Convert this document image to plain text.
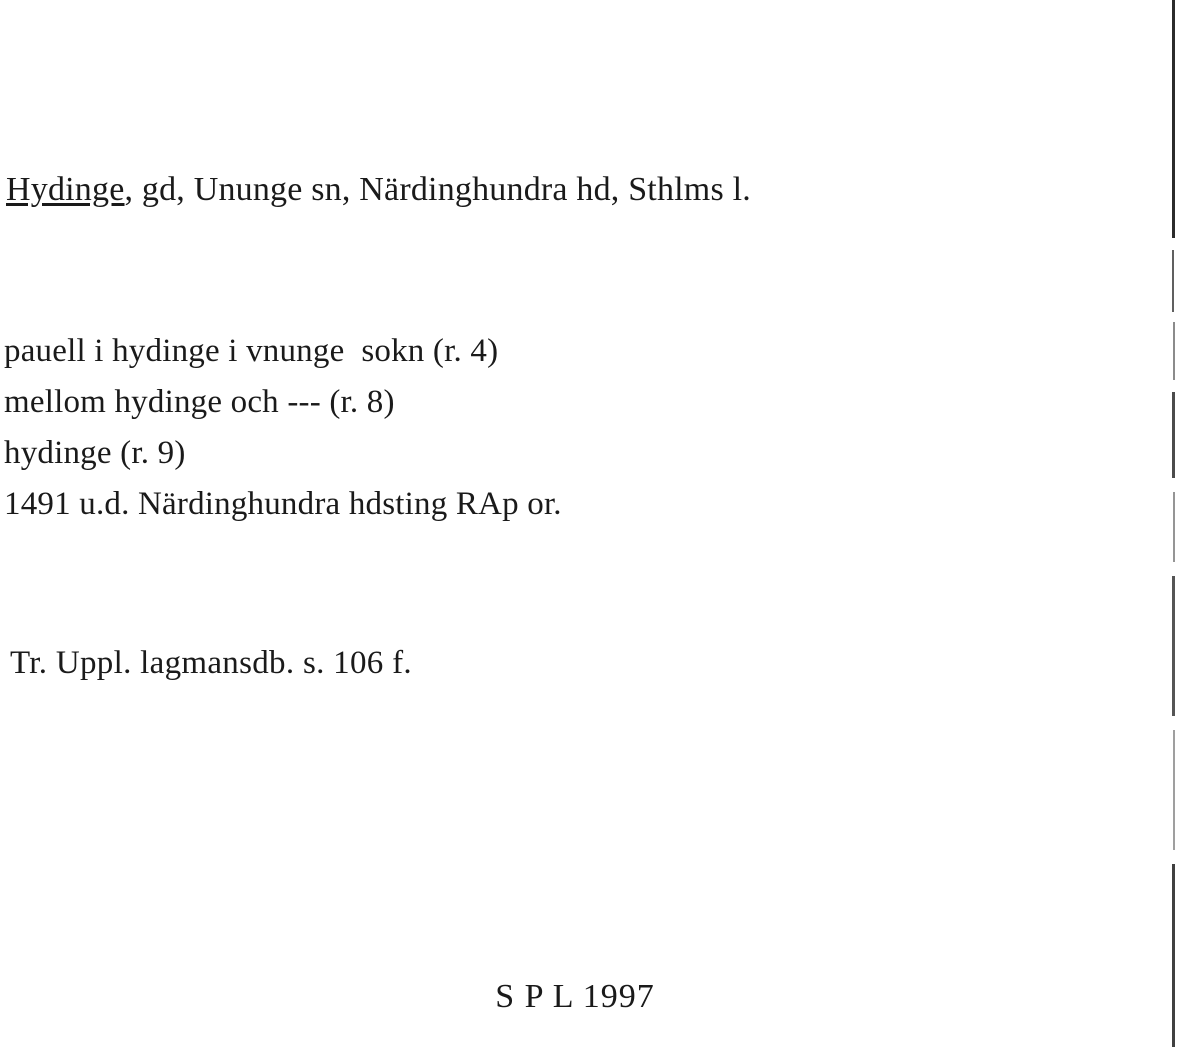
Hydinge, gd, Ununge sn, Närdinghundra hd, Sthlms l.
pauell i hydinge i vnunge  sokn (r. 4)
mellom hydinge och --- (r. 8)
hydinge (r. 9)
1491 u.d. Närdinghundra hdsting RAp or.
Tr. Uppl. lagmansdb. s. 106 f.
S P L 1997
